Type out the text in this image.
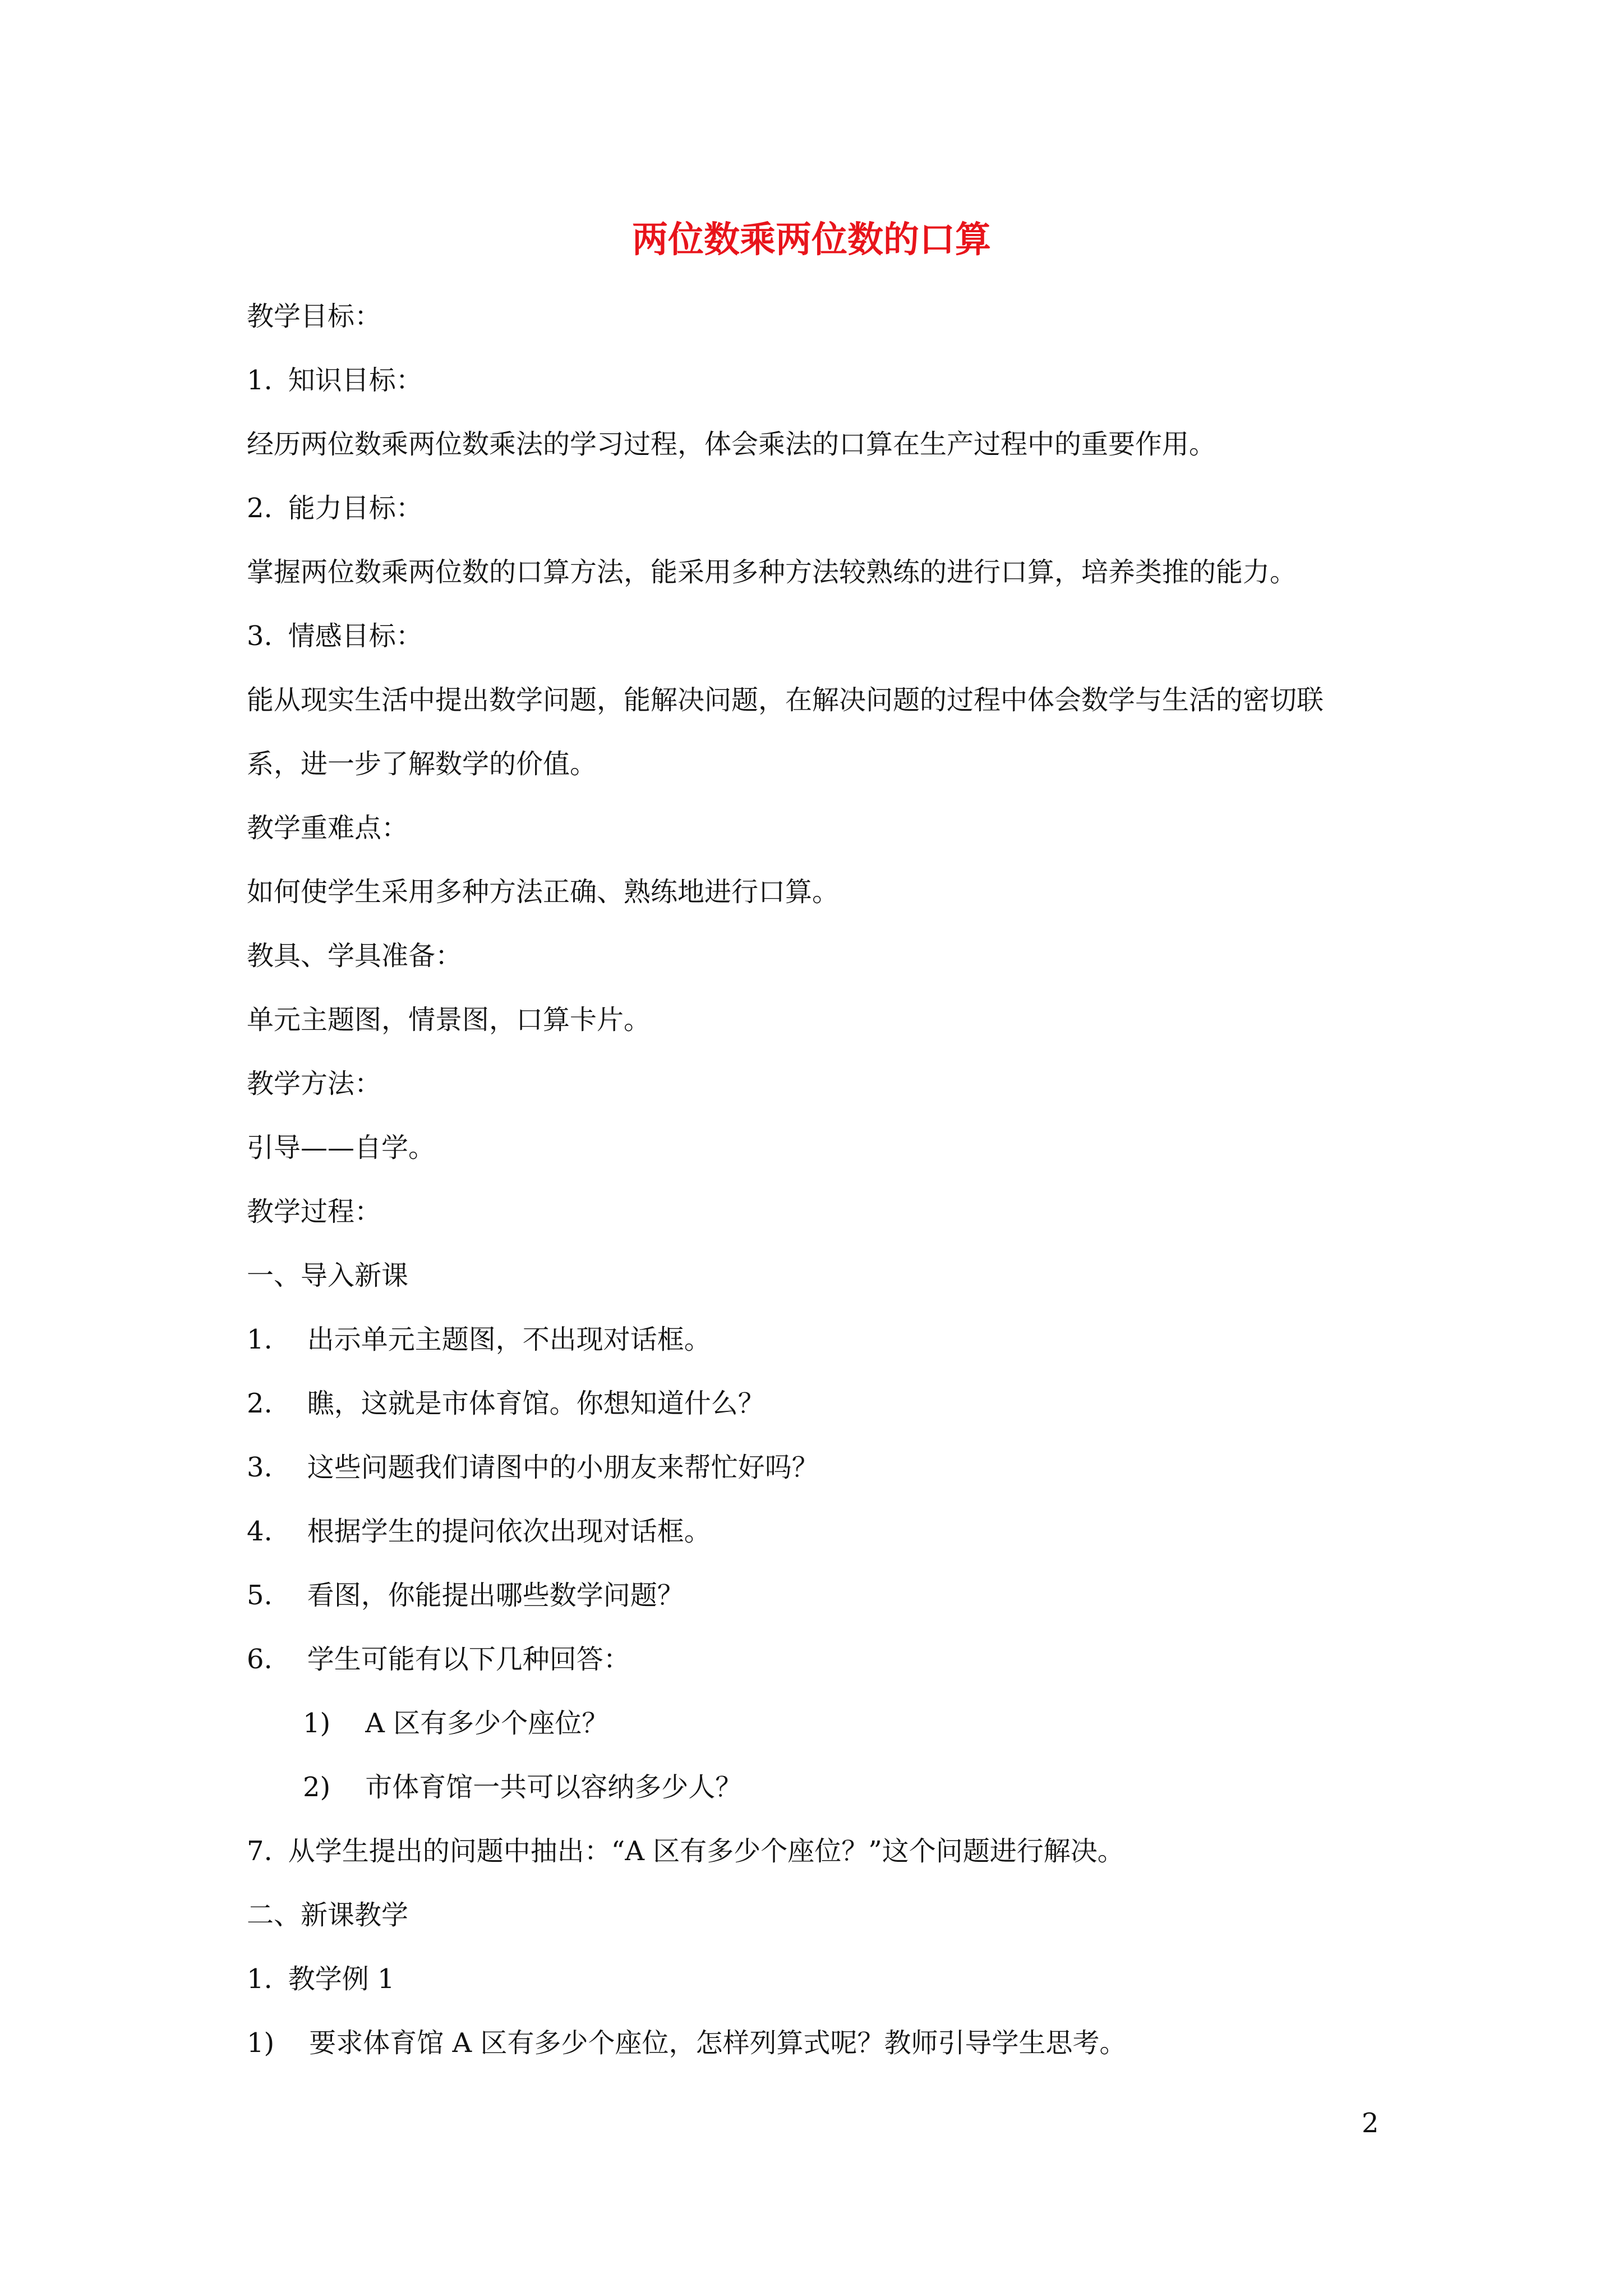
两位数乘两位数的口算

教学目标：

1. 知识目标：

经历两位数乘两位数乘法的学习过程，体会乘法的口算在生产过程中的重要作用。

2. 能力目标：

掌握两位数乘两位数的口算方法，能采用多种方法较熟练的进行口算，培养类推的能力。

3. 情感目标：

能从现实生活中提出数学问题，能解决问题，在解决问题的过程中体会数学与生活的密切联

系，进一步了解数学的价值。

教学重难点：

如何使学生采用多种方法正确、熟练地进行口算。

教具、学具准备：

单元主题图，情景图，口算卡片。

教学方法：

引导——自学。

教学过程：

一、导入新课

1. 出示单元主题图，不出现对话框。

2. 瞧，这就是市体育馆。你想知道什么？

3. 这些问题我们请图中的小朋友来帮忙好吗？

4. 根据学生的提问依次出现对话框。

5. 看图，你能提出哪些数学问题？

6. 学生可能有以下几种回答：

1) A 区有多少个座位？

2) 市体育馆一共可以容纳多少人？

7. 从学生提出的问题中抽出：“A 区有多少个座位？”这个问题进行解决。

二、新课教学

1. 教学例 1

1) 要求体育馆 A 区有多少个座位，怎样列算式呢？教师引导学生思考。

2
